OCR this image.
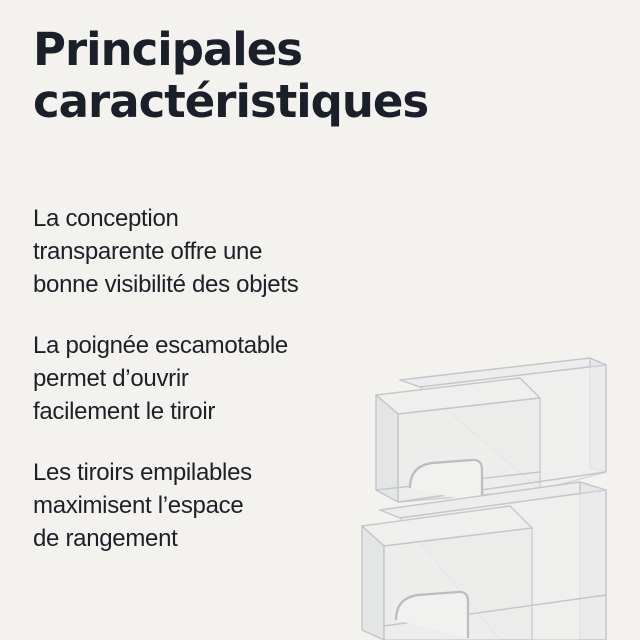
Principales
caractéristiques
La conception
transparente offre une
bonne visibilité des objets
La poignée escamotable
permet d’ouvrir
facilement le tiroir
Les tiroirs empilables
maximisent l’espace
de rangement
